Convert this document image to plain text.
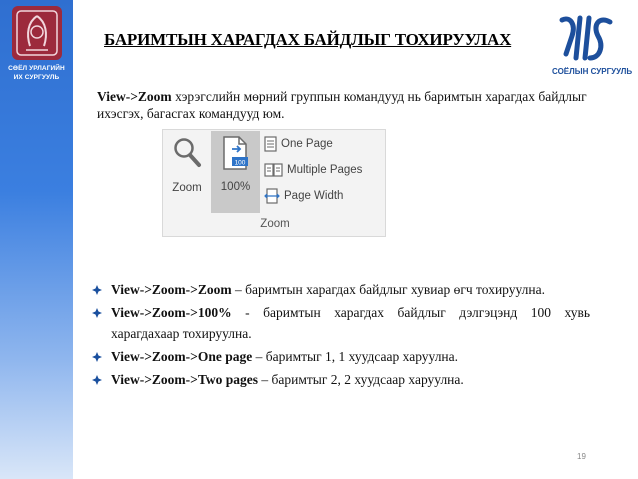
СӨЁЛ УРЛАГИЙН
ИХ СУРГУУЛЬ
БАРИМТЫН ХАРАГДАХ БАЙДЛЫГ ТОХИРУУЛАХ
СОЁЛЫН СУРГУУЛЬ

View->Zoom хэрэгслийн мөрний группын командууд нь баримтын харагдах байдлыг ихэсгэх, багасгах командууд юм.

Zoom
100
100%
One Page
Multiple Pages
Page Width
Zoom
View->Zoom->Zoom – баримтын харагдах байдлыг хувиар өгч тохируулна.
View->Zoom->100% - баримтын харагдах байдлыг дэлгэцэнд 100 хувь харагдахаар тохируулна.
View->Zoom->One page – баримтыг 1, 1 хуудсаар харуулна.
View->Zoom->Two pages – баримтыг 2, 2 хуудсаар харуулна.
19
